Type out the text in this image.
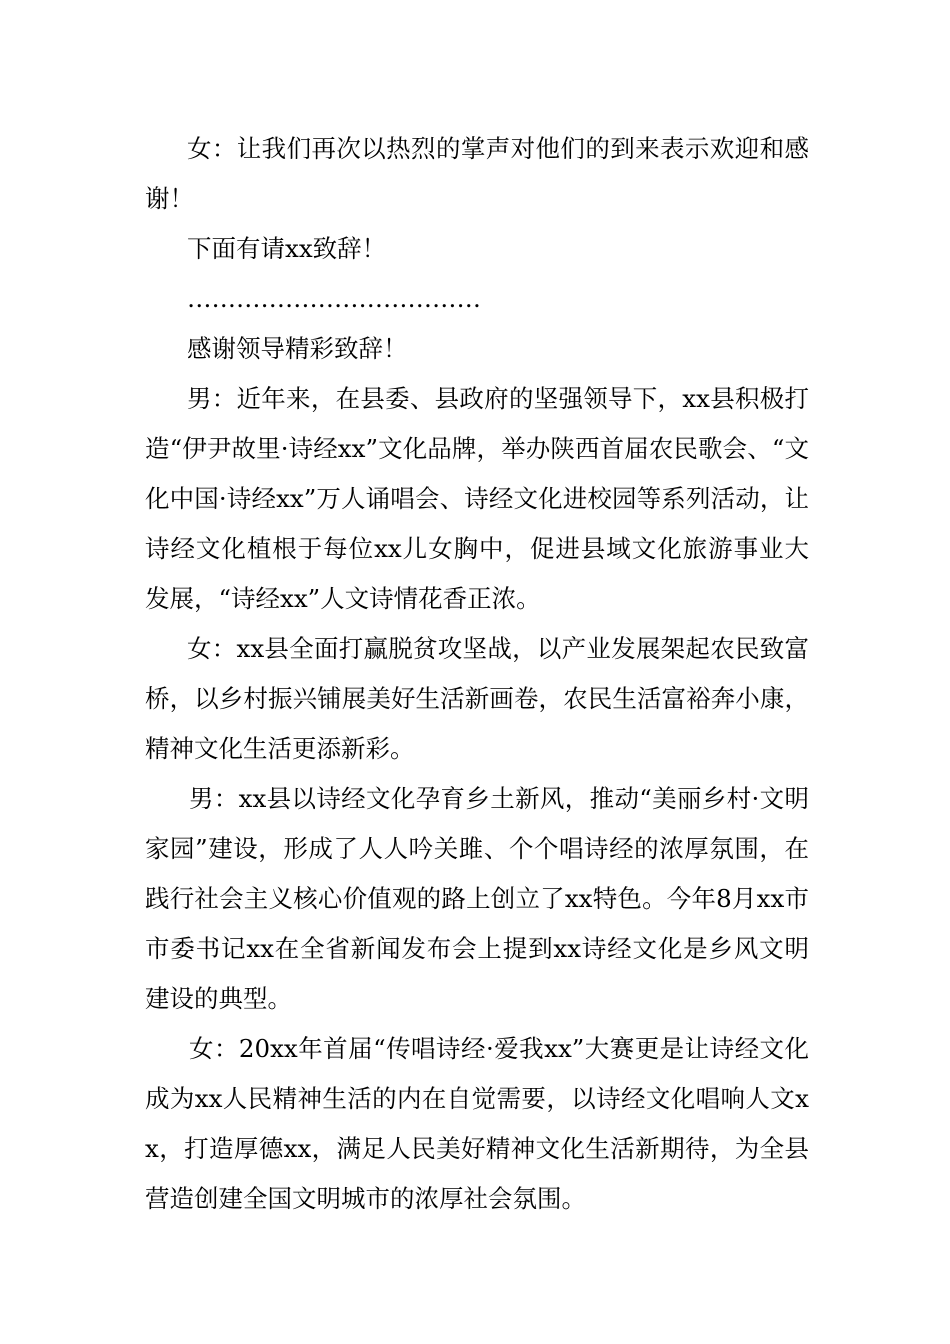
女：让我们再次以热烈的掌声对他们的到来表示欢迎和感谢！

下面有请xx致辞！

………………………………

感谢领导精彩致辞！

男：近年来，在县委、县政府的坚强领导下，xx县积极打造“伊尹故里·诗经xx”文化品牌，举办陕西首届农民歌会、“文化中国·诗经xx”万人诵唱会、诗经文化进校园等系列活动，让诗经文化植根于每位xx儿女胸中，促进县域文化旅游事业大发展，“诗经xx”人文诗情花香正浓。

女：xx县全面打赢脱贫攻坚战，以产业发展架起农民致富桥，以乡村振兴铺展美好生活新画卷，农民生活富裕奔小康，精神文化生活更添新彩。

男：xx县以诗经文化孕育乡土新风，推动“美丽乡村·文明家园”建设，形成了人人吟关雎、个个唱诗经的浓厚氛围，在践行社会主义核心价值观的路上创立了xx特色。今年8月xx市市委书记xx在全省新闻发布会上提到xx诗经文化是乡风文明建设的典型。

女：20xx年首届“传唱诗经·爱我xx”大赛更是让诗经文化成为xx人民精神生活的内在自觉需要，以诗经文化唱响人文xx，打造厚德xx，满足人民美好精神文化生活新期待，为全县营造创建全国文明城市的浓厚社会氛围。
